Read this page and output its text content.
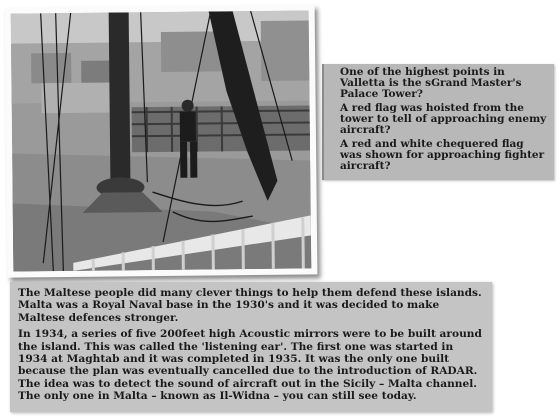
One of the highest points in Valletta is the sGrand Master's Palace Tower?

A red flag was hoisted from the tower to tell of approaching enemy aircraft?

A red and white chequered flag was shown for approaching fighter aircraft?

The Maltese people did many clever things to help them defend these islands. Malta was a Royal Naval base in the 1930's and it was decided to make Maltese defences stronger.

In 1934, a series of five 200feet high Acoustic mirrors were to be built around the island. This was called the 'listening ear'. The first one was started in 1934 at Maghtab and it was completed in 1935. It was the only one built because the plan was eventually cancelled due to the introduction of RADAR. The idea was to detect the sound of aircraft out in the Sicily – Malta channel. The only one in Malta – known as Il-Widna – you can still see today.
